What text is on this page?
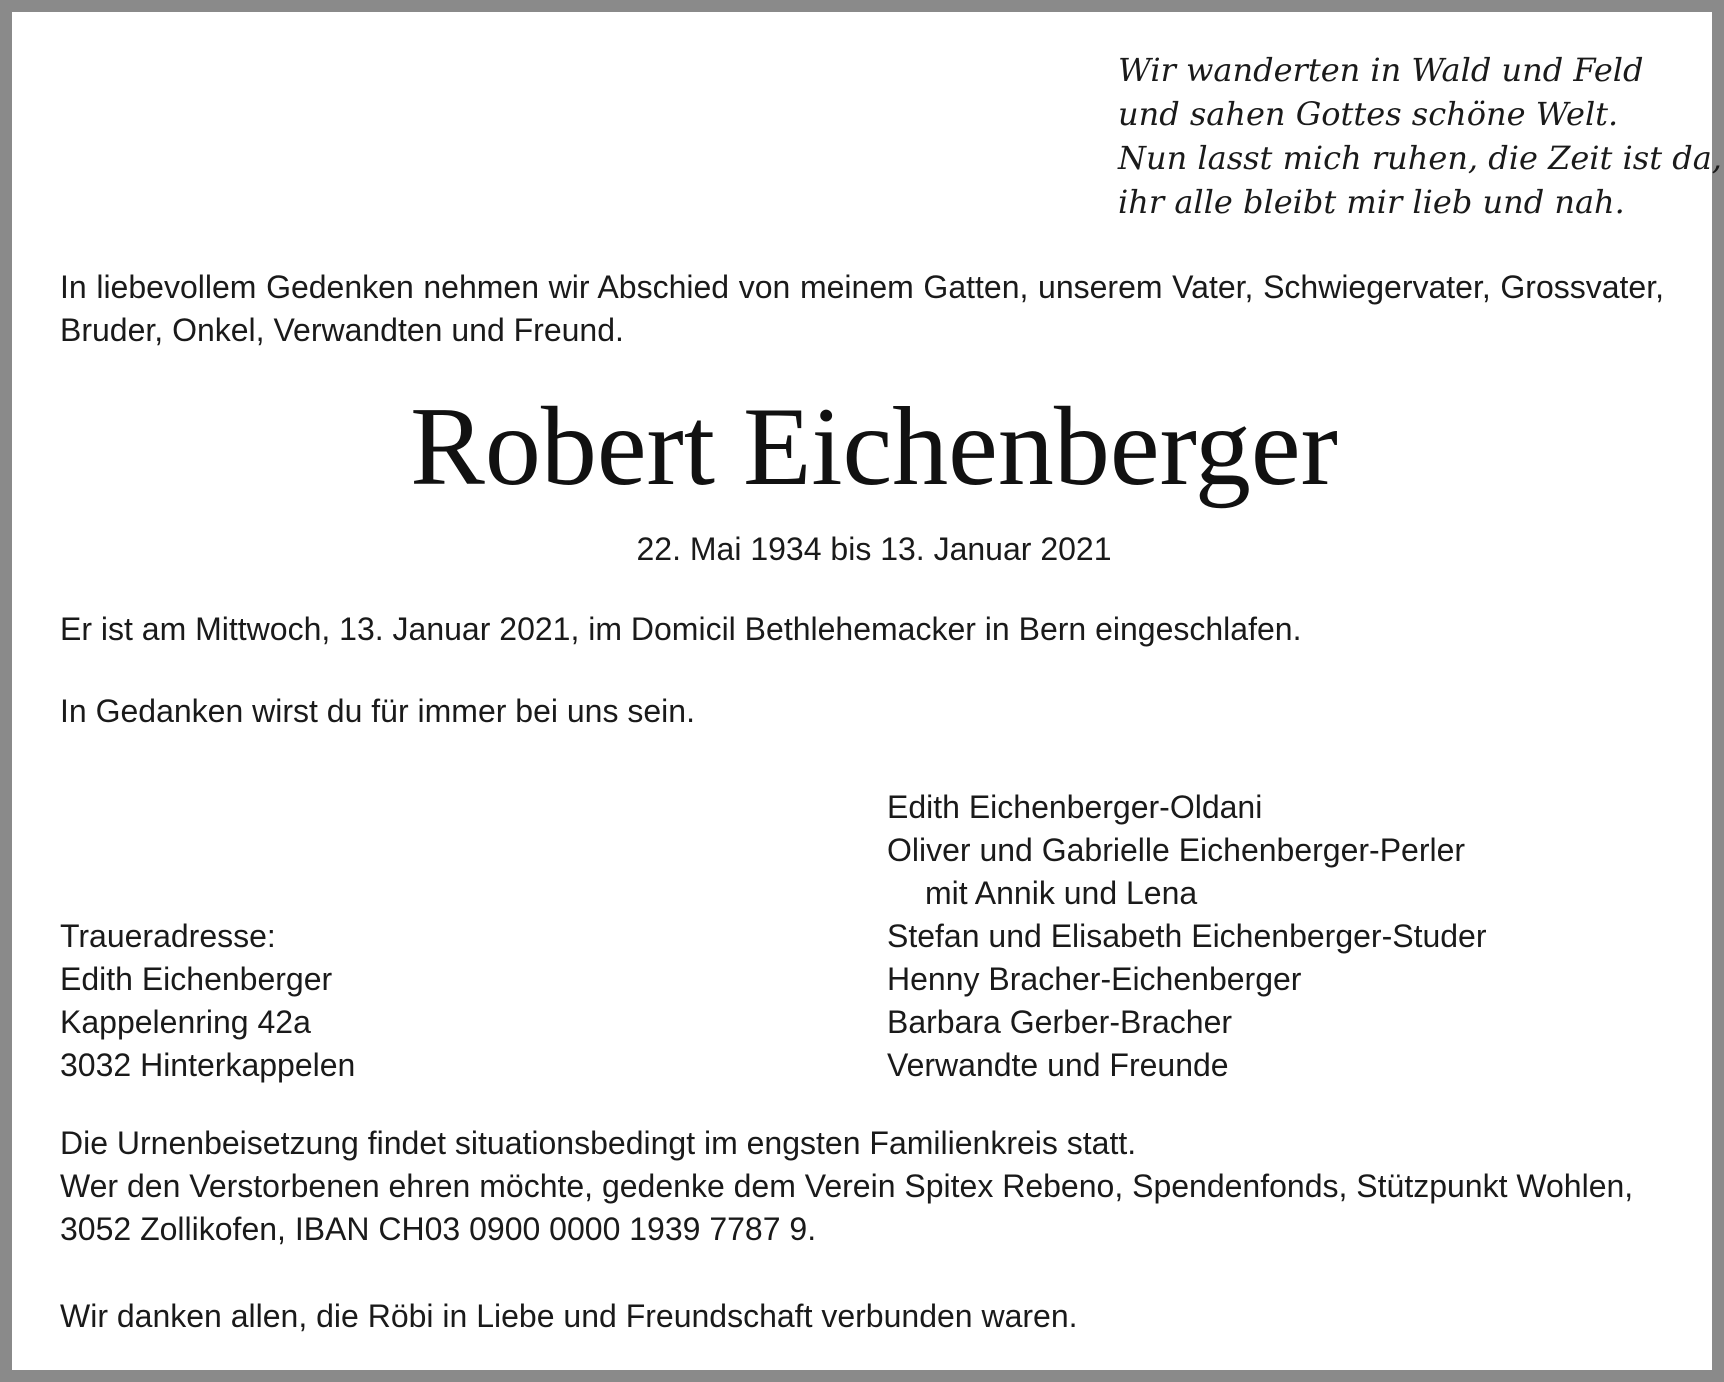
Wir wanderten in Wald und Feld
und sahen Gottes schöne Welt.
Nun lasst mich ruhen, die Zeit ist da,
ihr alle bleibt mir lieb und nah.
In liebevollem Gedenken nehmen wir Abschied von meinem Gatten, unserem Vater, Schwiegervater, Grossvater, Bruder, Onkel, Verwandten und Freund.
Robert Eichenberger
22. Mai 1934 bis 13. Januar 2021
Er ist am Mittwoch, 13. Januar 2021, im Domicil Bethlehemacker in Bern eingeschlafen.
In Gedanken wirst du für immer bei uns sein.
Edith Eichenberger-Oldani
Oliver und Gabrielle Eichenberger-Perler
mit Annik und Lena
Stefan und Elisabeth Eichenberger-Studer
Henny Bracher-Eichenberger
Barbara Gerber-Bracher
Verwandte und Freunde
Traueradresse:
Edith Eichenberger
Kappelenring 42a
3032 Hinterkappelen
Die Urnenbeisetzung findet situationsbedingt im engsten Familienkreis statt.
Wer den Verstorbenen ehren möchte, gedenke dem Verein Spitex Rebeno, Spendenfonds, Stützpunkt Wohlen,
3052 Zollikofen, IBAN CH03 0900 0000 1939 7787 9.
Wir danken allen, die Röbi in Liebe und Freundschaft verbunden waren.
